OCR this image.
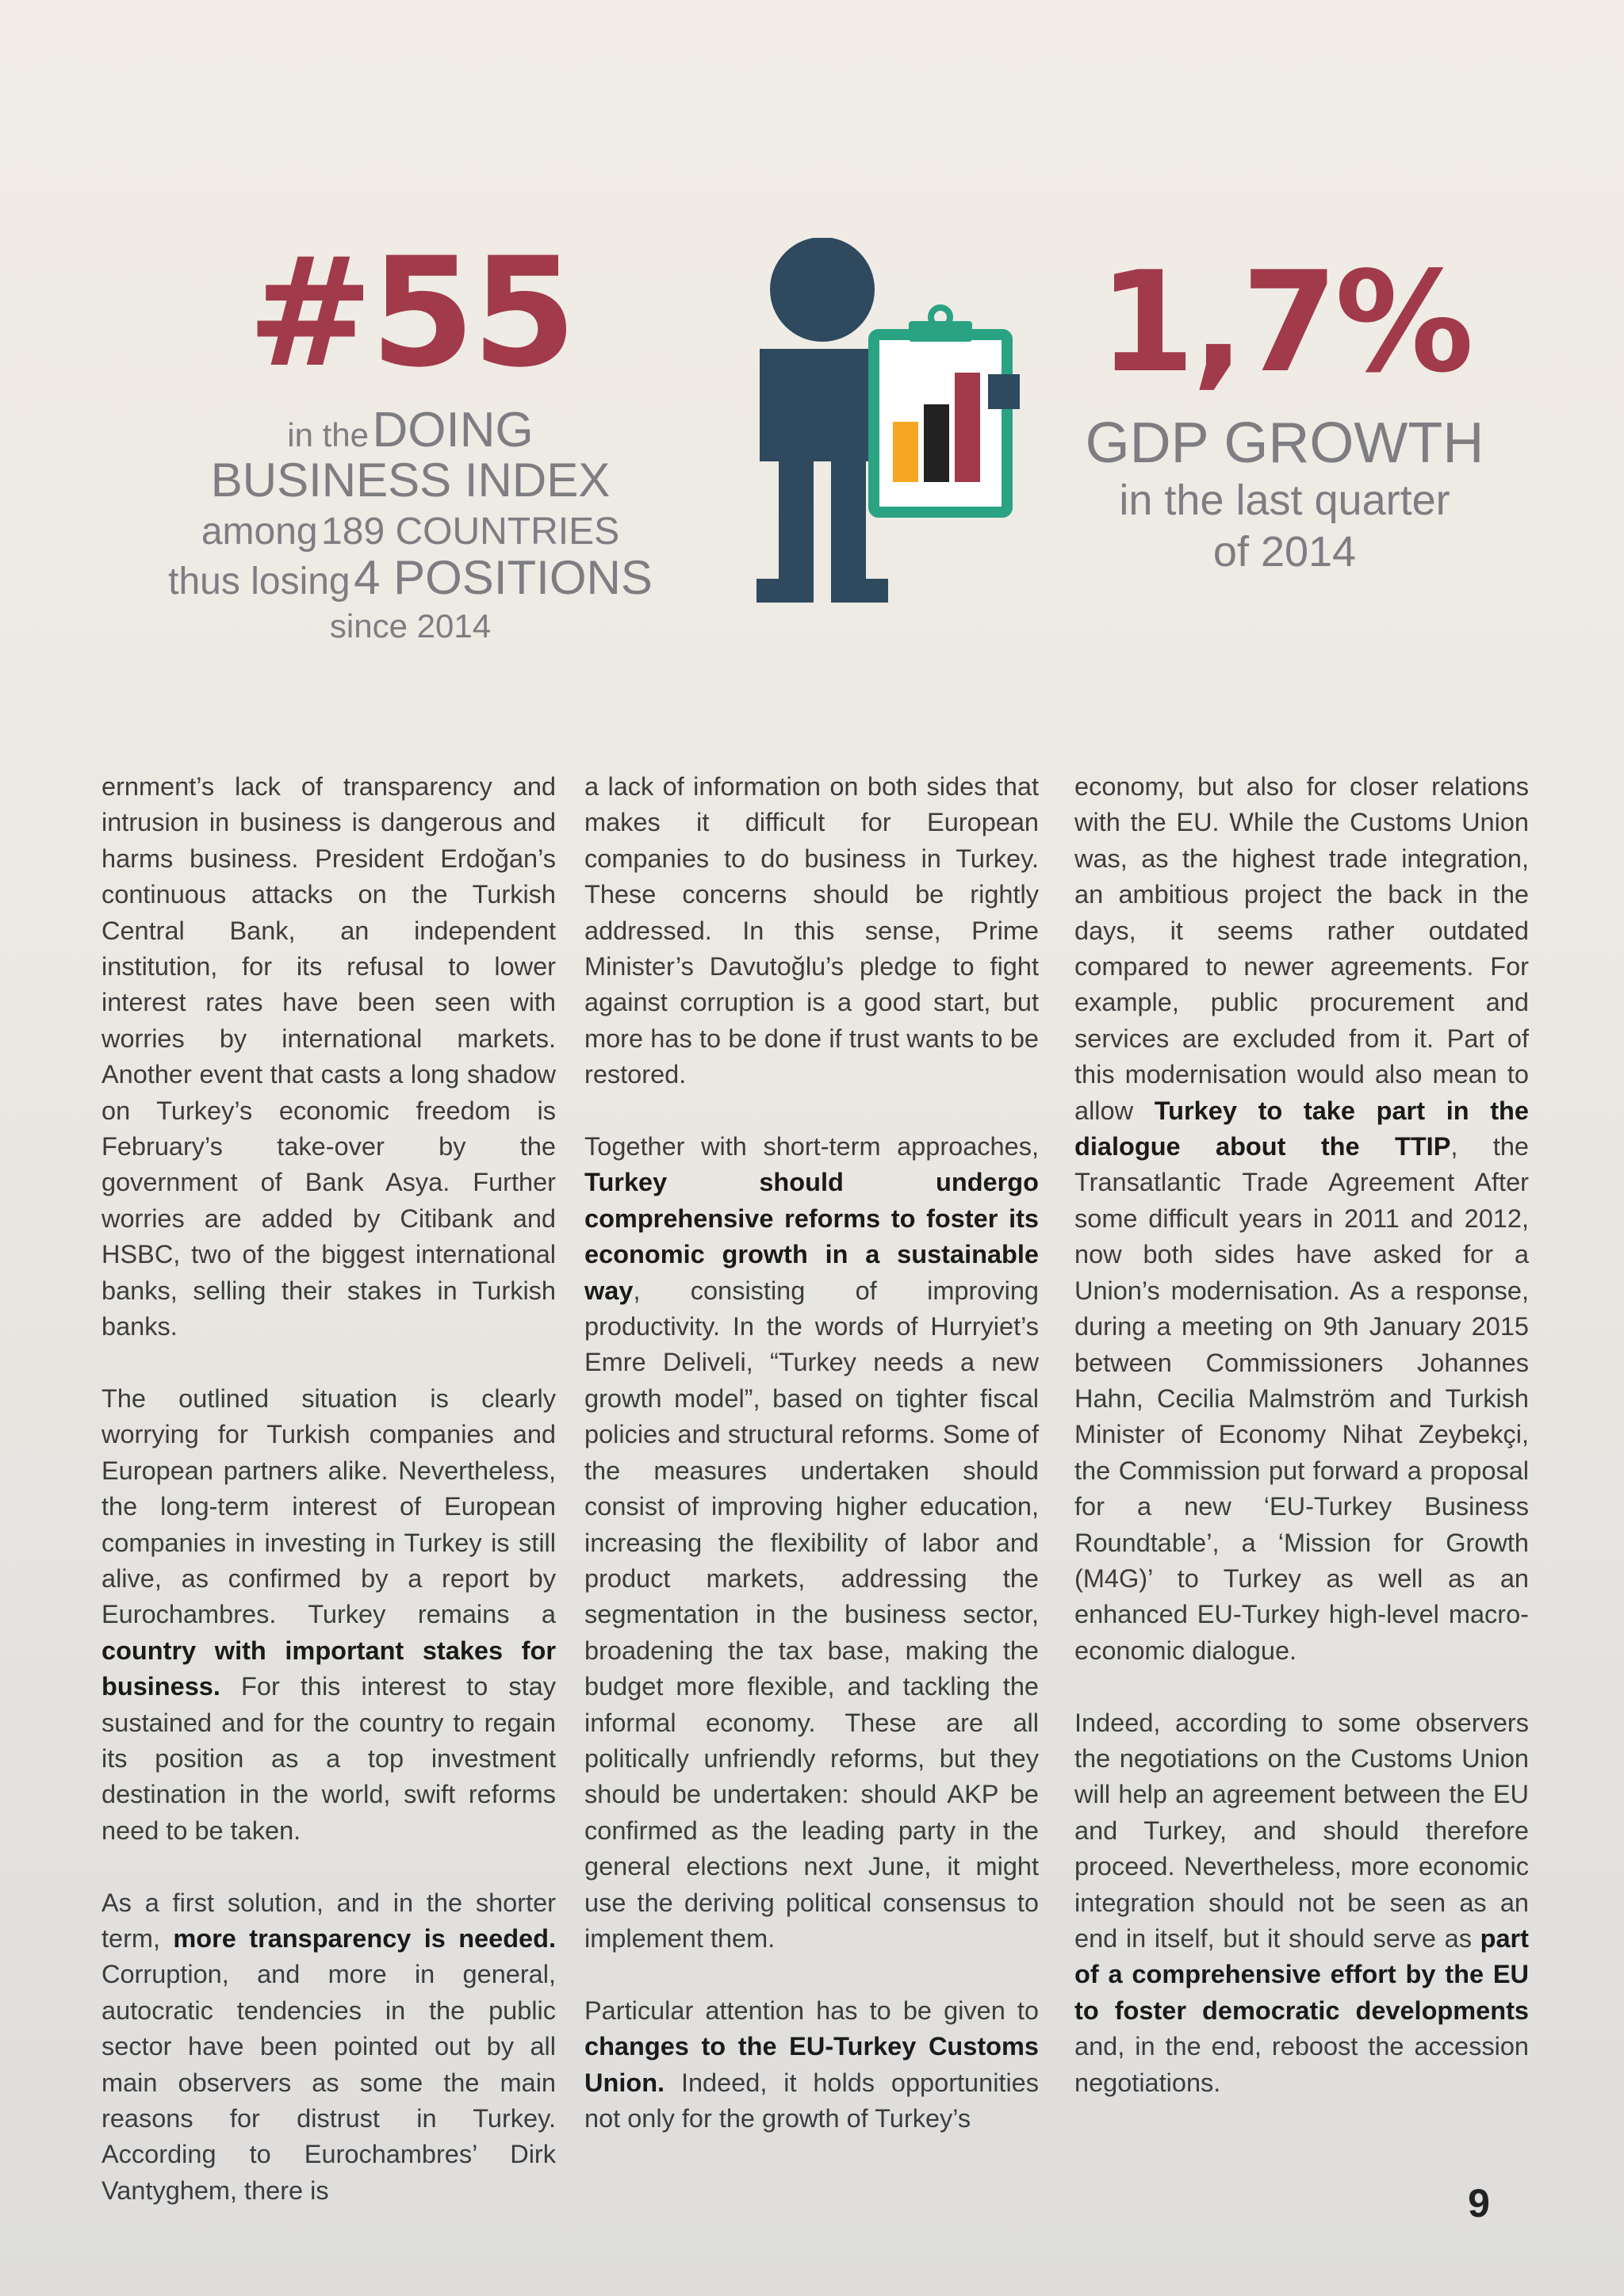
#55
in the DOING
BUSINESS INDEX
among 189 COUNTRIES
thus losing 4 POSITIONS
since 2014
1,7%
GDP GROWTH
in the last quarter
of 2014

ernment’s lack of transparency and intrusion in business is dangerous and harms business. President Erdoğan’s continuous attacks on the Turkish Central Bank, an independent institution, for its refusal to lower interest rates have been seen with worries by international markets. Another event that casts a long shadow on Turkey’s economic freedom is February’s take-over by the government of Bank Asya. Further worries are added by Citibank and HSBC, two of the biggest international banks, selling their stakes in Turkish banks.

The outlined situation is clearly worrying for Turkish companies and European partners alike. Nevertheless, the long-term interest of European companies in investing in Turkey is still alive, as confirmed by a report by Eurochambres. Turkey remains a country with important stakes for business. For this interest to stay sustained and for the country to regain its position as a top investment destination in the world, swift reforms need to be taken.

As a first solution, and in the shorter term, more transparency is needed. Corruption, and more in general, autocratic tendencies in the public sector have been pointed out by all main observers as some the main reasons for distrust in Turkey. According to Eurochambres’ Dirk Vantyghem, there is

a lack of information on both sides that makes it difficult for European companies to do business in Turkey. These concerns should be rightly addressed. In this sense, Prime Minister’s Davutoğlu’s pledge to fight against corruption is a good start, but more has to be done if trust wants to be restored.

Together with short-term approaches, Turkey should undergo comprehensive reforms to foster its economic growth in a sustainable way, consisting of improving productivity. In the words of Hurryiet’s Emre Deliveli, “Turkey needs a new growth model”, based on tighter fiscal policies and structural reforms. Some of the measures undertaken should consist of improving higher education, increasing the flexibility of labor and product markets, addressing the segmentation in the business sector, broadening the tax base, making the budget more flexible, and tackling the informal economy. These are all politically unfriendly reforms, but they should be undertaken: should AKP be confirmed as the leading party in the general elections next June, it might use the deriving political consensus to implement them.

Particular attention has to be given to changes to the EU-Turkey Customs Union. Indeed, it holds opportunities not only for the growth of Turkey’s

economy, but also for closer relations with the EU. While the Customs Union was, as the highest trade integration, an ambitious project the back in the days, it seems rather outdated compared to newer agreements. For example, public procurement and services are excluded from it. Part of this modernisation would also mean to allow Turkey to take part in the dialogue about the TTIP, the Transatlantic Trade Agreement After some difficult years in 2011 and 2012, now both sides have asked for a Union’s modernisation. As a response, during a meeting on 9th January 2015 between Commissioners Johannes Hahn, Cecilia Malmström and Turkish Minister of Economy Nihat Zeybekçi, the Commission put forward a proposal for a new ‘EU-Turkey Business Roundtable’, a ‘Mission for Growth (M4G)’ to Turkey as well as an enhanced EU-Turkey high-level macro-economic dialogue.

Indeed, according to some observers the negotiations on the Customs Union will help an agreement between the EU and Turkey, and should therefore proceed. Nevertheless, more economic integration should not be seen as an end in itself, but it should serve as part of a comprehensive effort by the EU to foster democratic developments and, in the end, reboost the accession negotiations.

9
